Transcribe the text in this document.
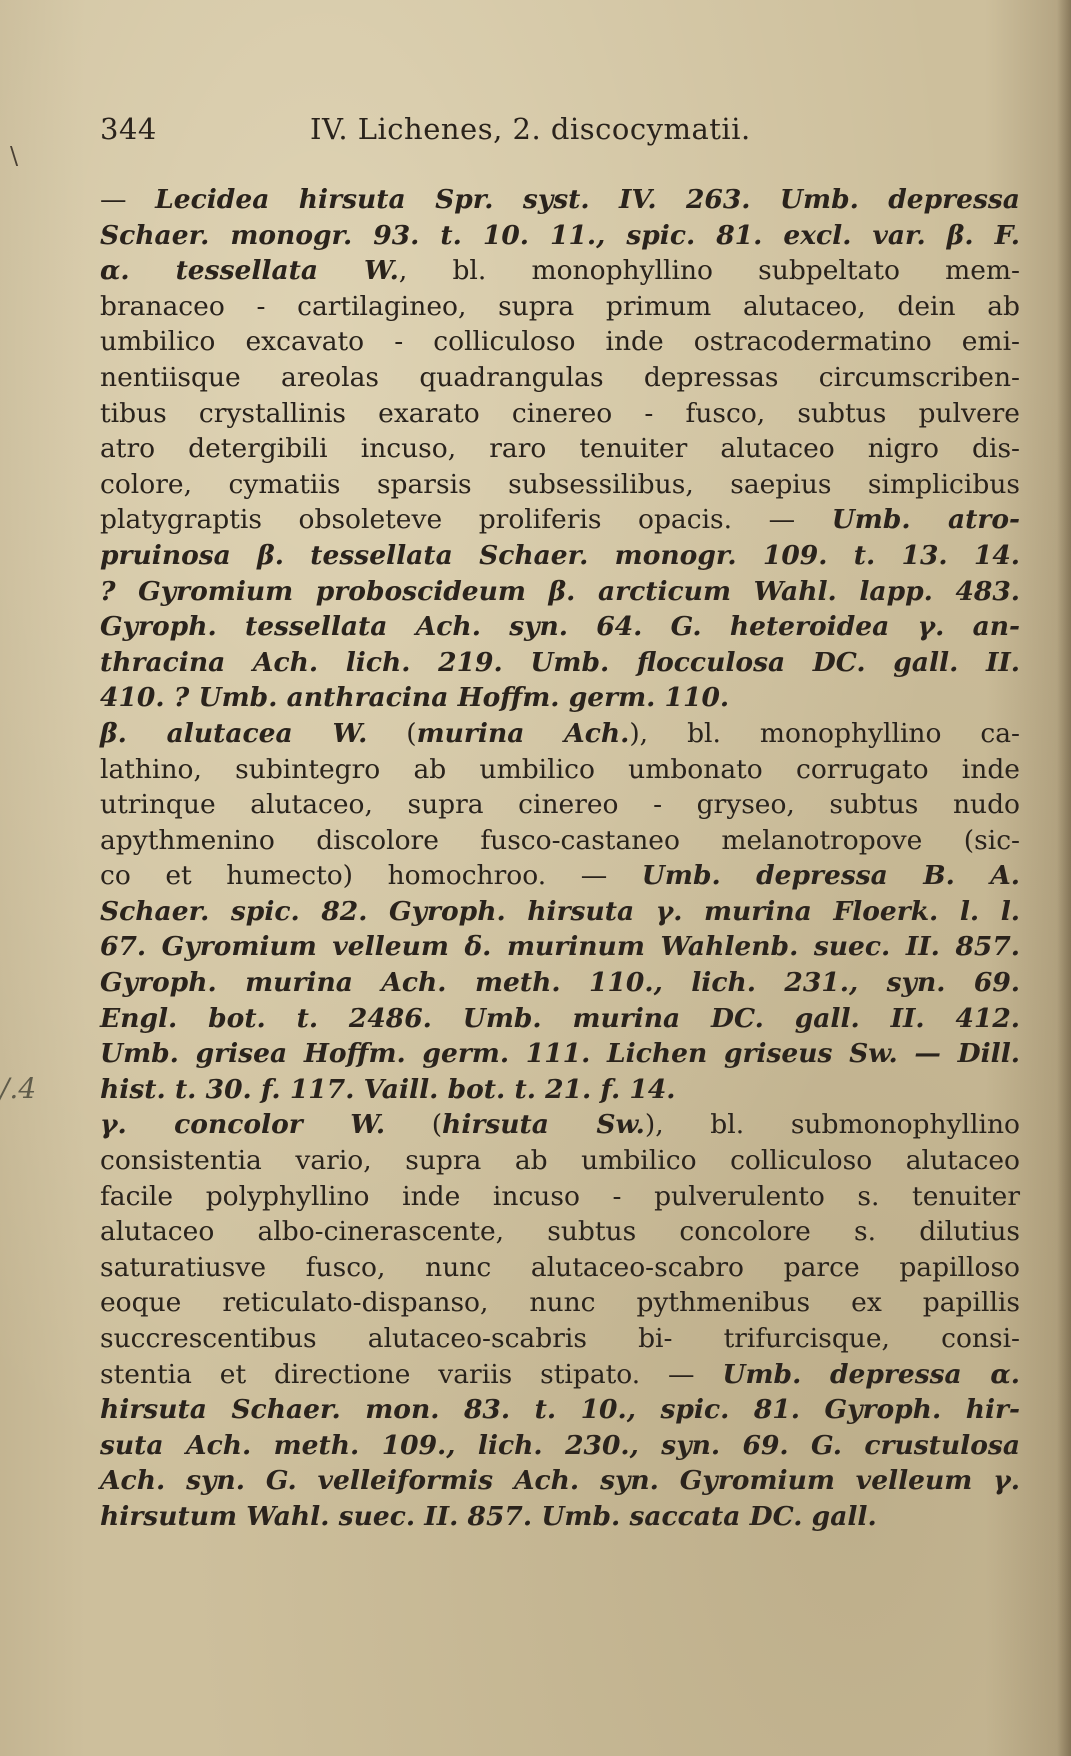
\
/.4
344	IV. Lichenes, 2. discocymatii.
— Lecidea hirsuta Spr. syst. IV. 263. Umb. depressa
Schaer. monogr. 93. t. 10. 11., spic. 81. excl. var. β. F.
α. tessellata W., bl. monophyllino subpeltato mem-
branaceo - cartilagineo, supra primum alutaceo, dein ab
umbilico excavato - colliculoso inde ostracodermatino emi-
nentiisque areolas quadrangulas depressas circumscriben-
tibus crystallinis exarato cinereo - fusco, subtus pulvere
atro detergibili incuso, raro tenuiter alutaceo nigro dis-
colore, cymatiis sparsis subsessilibus, saepius simplicibus
platygraptis obsoleteve proliferis opacis. — Umb. atro-
pruinosa β. tessellata Schaer. monogr. 109. t. 13. 14.
? Gyromium proboscideum β. arcticum Wahl. lapp. 483.
Gyroph. tessellata Ach. syn. 64. G. heteroidea γ. an-
thracina Ach. lich. 219. Umb. flocculosa DC. gall. II.
410. ? Umb. anthracina Hoffm. germ. 110.
β. alutacea W. (murina Ach.), bl. monophyllino ca-
lathino, subintegro ab umbilico umbonato corrugato inde
utrinque alutaceo, supra cinereo - gryseo, subtus nudo
apythmenino discolore fusco-castaneo melanotropove (sic-
co et humecto) homochroo. — Umb. depressa B. A.
Schaer. spic. 82. Gyroph. hirsuta γ. murina Floerk. l. l.
67. Gyromium velleum δ. murinum Wahlenb. suec. II. 857.
Gyroph. murina Ach. meth. 110., lich. 231., syn. 69.
Engl. bot. t. 2486. Umb. murina DC. gall. II. 412.
Umb. grisea Hoffm. germ. 111. Lichen griseus Sw. — Dill.
hist. t. 30. f. 117. Vaill. bot. t. 21. f. 14.
γ. concolor W. (hirsuta Sw.), bl. submonophyllino
consistentia vario, supra ab umbilico colliculoso alutaceo
facile polyphyllino inde incuso - pulverulento s. tenuiter
alutaceo albo-cinerascente, subtus concolore s. dilutius
saturatiusve fusco, nunc alutaceo-scabro parce papilloso
eoque reticulato-dispanso, nunc pythmenibus ex papillis
succrescentibus alutaceo-scabris bi- trifurcisque, consi-
stentia et directione variis stipato. — Umb. depressa α.
hirsuta Schaer. mon. 83. t. 10., spic. 81. Gyroph. hir-
suta Ach. meth. 109., lich. 230., syn. 69. G. crustulosa
Ach. syn. G. velleiformis Ach. syn. Gyromium velleum γ.
hirsutum Wahl. suec. II. 857. Umb. saccata DC. gall.
